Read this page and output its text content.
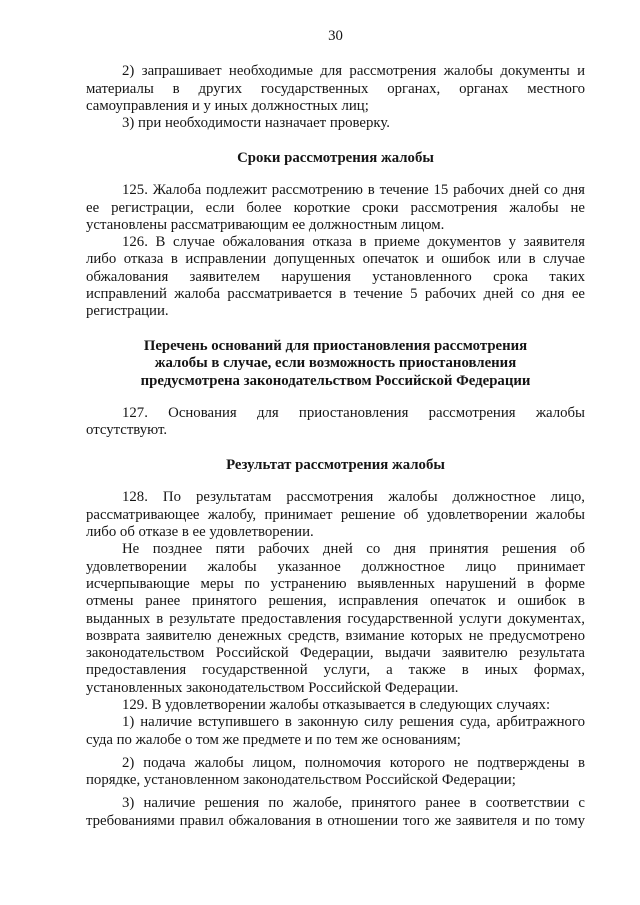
30
2) запрашивает необходимые для рассмотрения жалобы документы и
материалы в других государственных органах, органах местного
самоуправления и у иных должностных лиц;
3) при необходимости назначает проверку.
Сроки рассмотрения жалобы
125. Жалоба подлежит рассмотрению в течение 15 рабочих дней со дня
ее регистрации, если более короткие сроки рассмотрения жалобы не
установлены рассматривающим ее должностным лицом.
126. В случае обжалования отказа в приеме документов у заявителя
либо отказа в исправлении допущенных опечаток и ошибок или в случае
обжалования заявителем нарушения установленного срока таких
исправлений жалоба рассматривается в течение 5 рабочих дней со дня ее
регистрации.
Перечень оснований для приостановления рассмотрения
жалобы в случае, если возможность приостановления
предусмотрена законодательством Российской Федерации
127. Основания для приостановления рассмотрения жалобы
отсутствуют.
Результат рассмотрения жалобы
128. По результатам рассмотрения жалобы должностное лицо,
рассматривающее жалобу, принимает решение об удовлетворении жалобы
либо об отказе в ее удовлетворении.
Не позднее пяти рабочих дней со дня принятия решения об
удовлетворении жалобы указанное должностное лицо принимает
исчерпывающие меры по устранению выявленных нарушений в форме
отмены ранее принятого решения, исправления опечаток и ошибок в
выданных в результате предоставления государственной услуги документах,
возврата заявителю денежных средств, взимание которых не предусмотрено
законодательством Российской Федерации, выдачи заявителю результата
предоставления государственной услуги, а также в иных формах,
установленных законодательством Российской Федерации.
129. В удовлетворении жалобы отказывается в следующих случаях:
1) наличие вступившего в законную силу решения суда, арбитражного
суда по жалобе о том же предмете и по тем же основаниям;
2) подача жалобы лицом, полномочия которого не подтверждены в
порядке, установленном законодательством Российской Федерации;
3) наличие решения по жалобе, принятого ранее в соответствии с
требованиями правил обжалования в отношении того же заявителя и по тому
